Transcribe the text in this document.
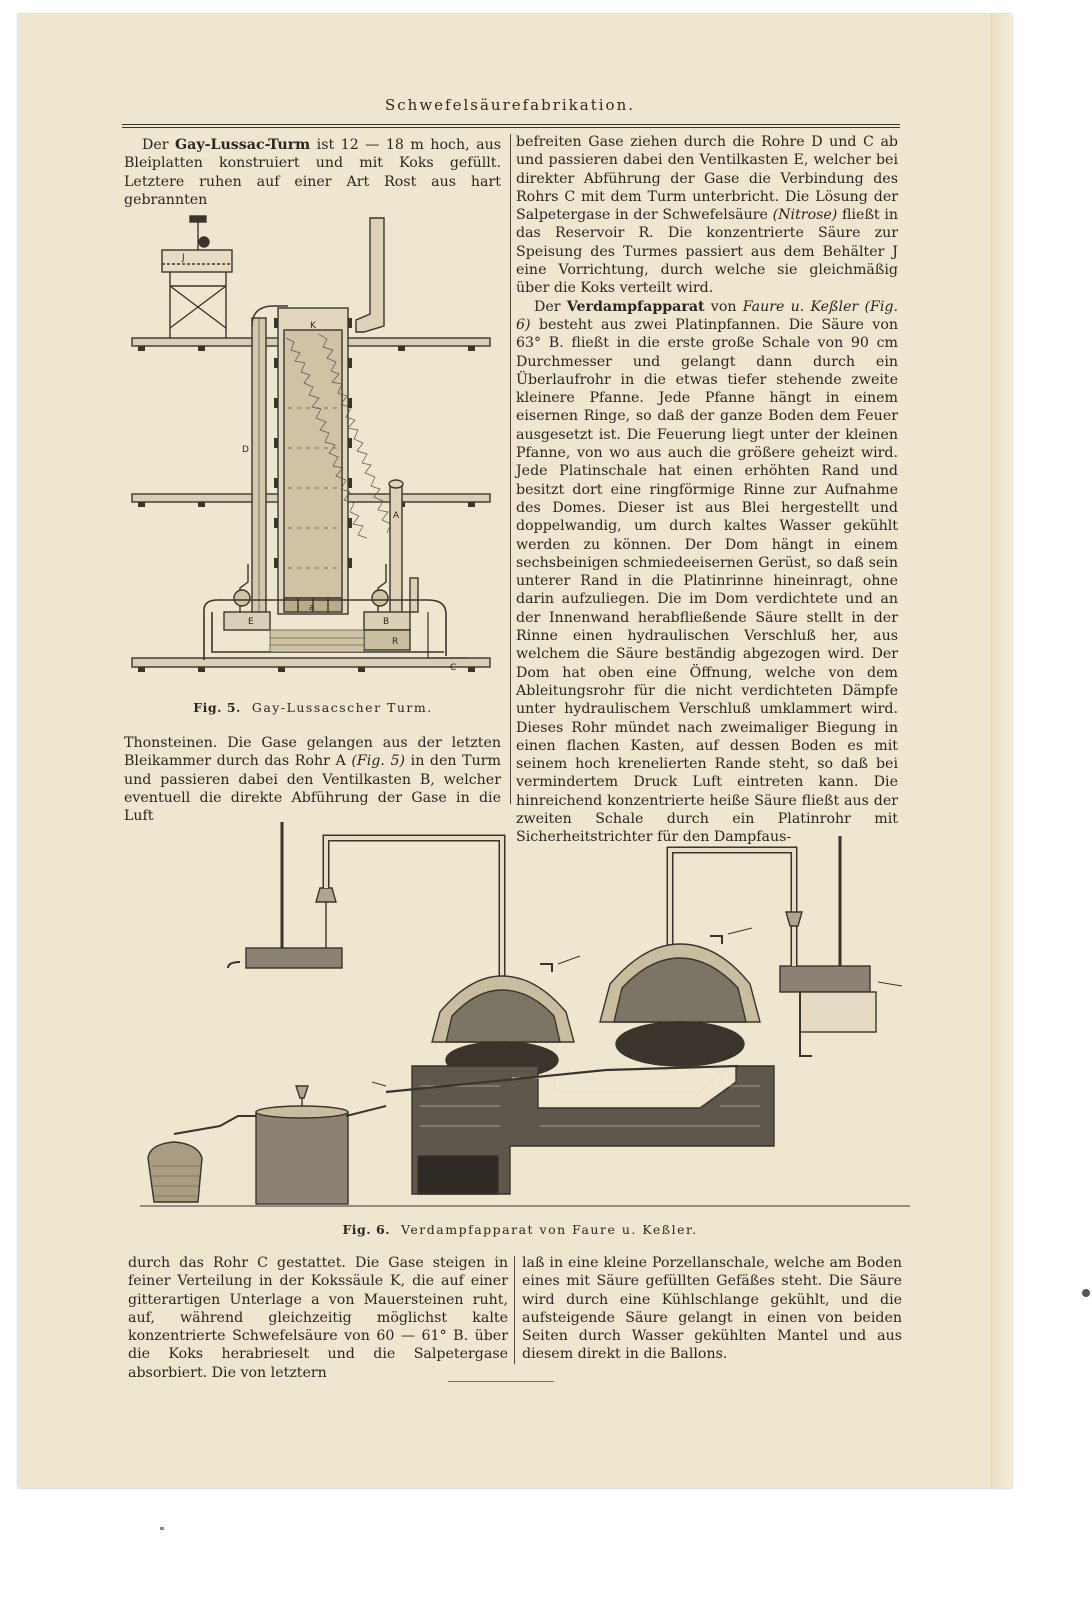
Schwefelsäurefabrikation.

Der Gay-Lussac-Turm ist 12 — 18 m hoch, aus Bleiplatten konstruiert und mit Koks gefüllt. Letztere ruhen auf einer Art Rost aus hart gebrannten

J
K
D
A
E	B
R
a
C
Fig. 5. Gay-Lussacscher Turm.

Thonsteinen. Die Gase gelangen aus der letzten Bleikammer durch das Rohr A (Fig. 5) in den Turm und passieren dabei den Ventilkasten B, welcher eventuell die direkte Abführung der Gase in die Luft

befreiten Gase ziehen durch die Rohre D und C ab und passieren dabei den Ventilkasten E, welcher bei direkter Abführung der Gase die Verbindung des Rohrs C mit dem Turm unterbricht. Die Lösung der Salpetergase in der Schwefelsäure (Nitrose) fließt in das Reservoir R. Die konzentrierte Säure zur Speisung des Turmes passiert aus dem Behälter J eine Vorrichtung, durch welche sie gleichmäßig über die Koks verteilt wird.

Der Verdampfapparat von Faure u. Keßler (Fig. 6) besteht aus zwei Platinpfannen. Die Säure von 63° B. fließt in die erste große Schale von 90 cm Durchmesser und gelangt dann durch ein Überlaufrohr in die etwas tiefer stehende zweite kleinere Pfanne. Jede Pfanne hängt in einem eisernen Ringe, so daß der ganze Boden dem Feuer ausgesetzt ist. Die Feuerung liegt unter der kleinen Pfanne, von wo aus auch die größere geheizt wird. Jede Platinschale hat einen erhöhten Rand und besitzt dort eine ringförmige Rinne zur Aufnahme des Domes. Dieser ist aus Blei hergestellt und doppelwandig, um durch kaltes Wasser gekühlt werden zu können. Der Dom hängt in einem sechsbeinigen schmiedeeisernen Gerüst, so daß sein unterer Rand in die Platinrinne hineinragt, ohne darin aufzuliegen. Die im Dom verdichtete und an der Innenwand herabfließende Säure stellt in der Rinne einen hydraulischen Verschluß her, aus welchem die Säure beständig abgezogen wird. Der Dom hat oben eine Öffnung, welche von dem Ableitungsrohr für die nicht verdichteten Dämpfe unter hydraulischem Verschluß umklammert wird. Dieses Rohr mündet nach zweimaliger Biegung in einen flachen Kasten, auf dessen Boden es mit seinem hoch krenelierten Rande steht, so daß bei vermindertem Druck Luft eintreten kann. Die hinreichend konzentrierte heiße Säure fließt aus der zweiten Schale durch ein Platinrohr mit Sicherheitstrichter für den Dampfaus-

Fig. 6. Verdampfapparat von Faure u. Keßler.

durch das Rohr C gestattet. Die Gase steigen in feiner Verteilung in der Kokssäule K, die auf einer gitterartigen Unterlage a von Mauersteinen ruht, auf, während gleichzeitig möglichst kalte konzentrierte Schwefelsäure von 60 — 61° B. über die Koks herabrieselt und die Salpetergase absorbiert. Die von letztern

laß in eine kleine Porzellanschale, welche am Boden eines mit Säure gefüllten Gefäßes steht. Die Säure wird durch eine Kühlschlange gekühlt, und die aufsteigende Säure gelangt in einen von beiden Seiten durch Wasser gekühlten Mantel und aus diesem direkt in die Ballons.
